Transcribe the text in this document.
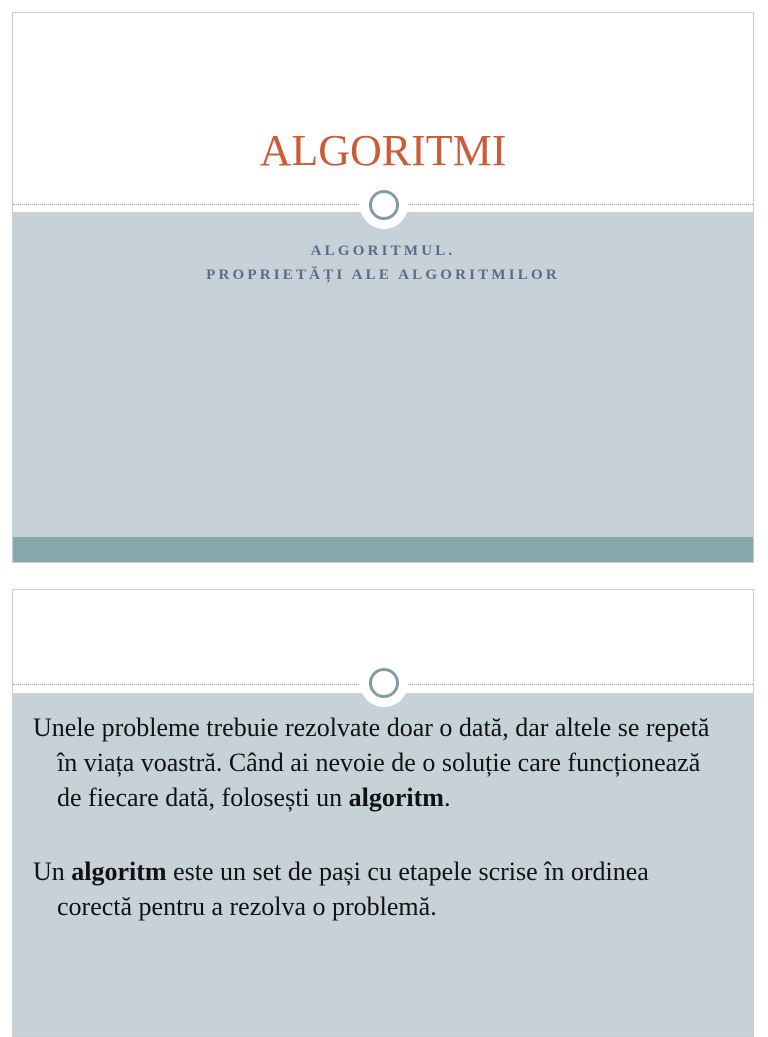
ALGORITMI
ALGORITMUL.
PROPRIETĂȚI ALE ALGORITMILOR
Unele probleme trebuie rezolvate doar o dată, dar altele se repetă în viața voastră. Când ai nevoie de o soluție care funcționează de fiecare dată, folosești un algoritm.
Un algoritm este un set de pași cu etapele scrise în ordinea corectă pentru a rezolva o problemă.
